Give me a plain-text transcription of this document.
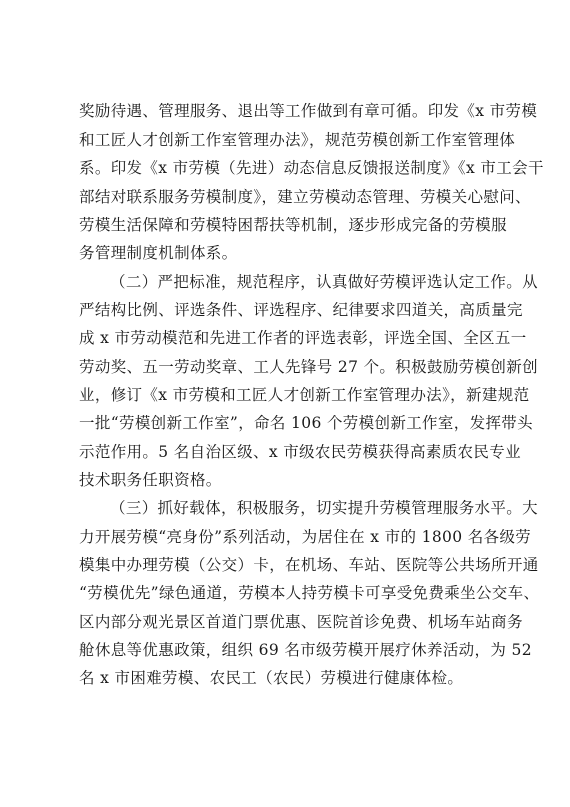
奖励待遇、管理服务、退出等工作做到有章可循。印发《x 市劳模
和工匠人才创新工作室管理办法》，规范劳模创新工作室管理体
系。印发《x 市劳模（先进）动态信息反馈报送制度》《x 市工会干
部结对联系服务劳模制度》，建立劳模动态管理、劳模关心慰问、
劳模生活保障和劳模特困帮扶等机制，逐步形成完备的劳模服
务管理制度机制体系。
（二）严把标准，规范程序，认真做好劳模评选认定工作。从
严结构比例、评选条件、评选程序、纪律要求四道关，高质量完
成 x 市劳动模范和先进工作者的评选表彰，评选全国、全区五一
劳动奖、五一劳动奖章、工人先锋号 27 个。积极鼓励劳模创新创
业，修订《x 市劳模和工匠人才创新工作室管理办法》，新建规范
一批“劳模创新工作室”，命名 106 个劳模创新工作室，发挥带头
示范作用。5 名自治区级、x 市级农民劳模获得高素质农民专业
技术职务任职资格。
（三）抓好载体，积极服务，切实提升劳模管理服务水平。大
力开展劳模“亮身份”系列活动，为居住在 x 市的 1800 名各级劳
模集中办理劳模（公交）卡，在机场、车站、医院等公共场所开通
“劳模优先”绿色通道，劳模本人持劳模卡可享受免费乘坐公交车、
区内部分观光景区首道门票优惠、医院首诊免费、机场车站商务
舱休息等优惠政策，组织 69 名市级劳模开展疗休养活动，为 52
名 x 市困难劳模、农民工（农民）劳模进行健康体检。
